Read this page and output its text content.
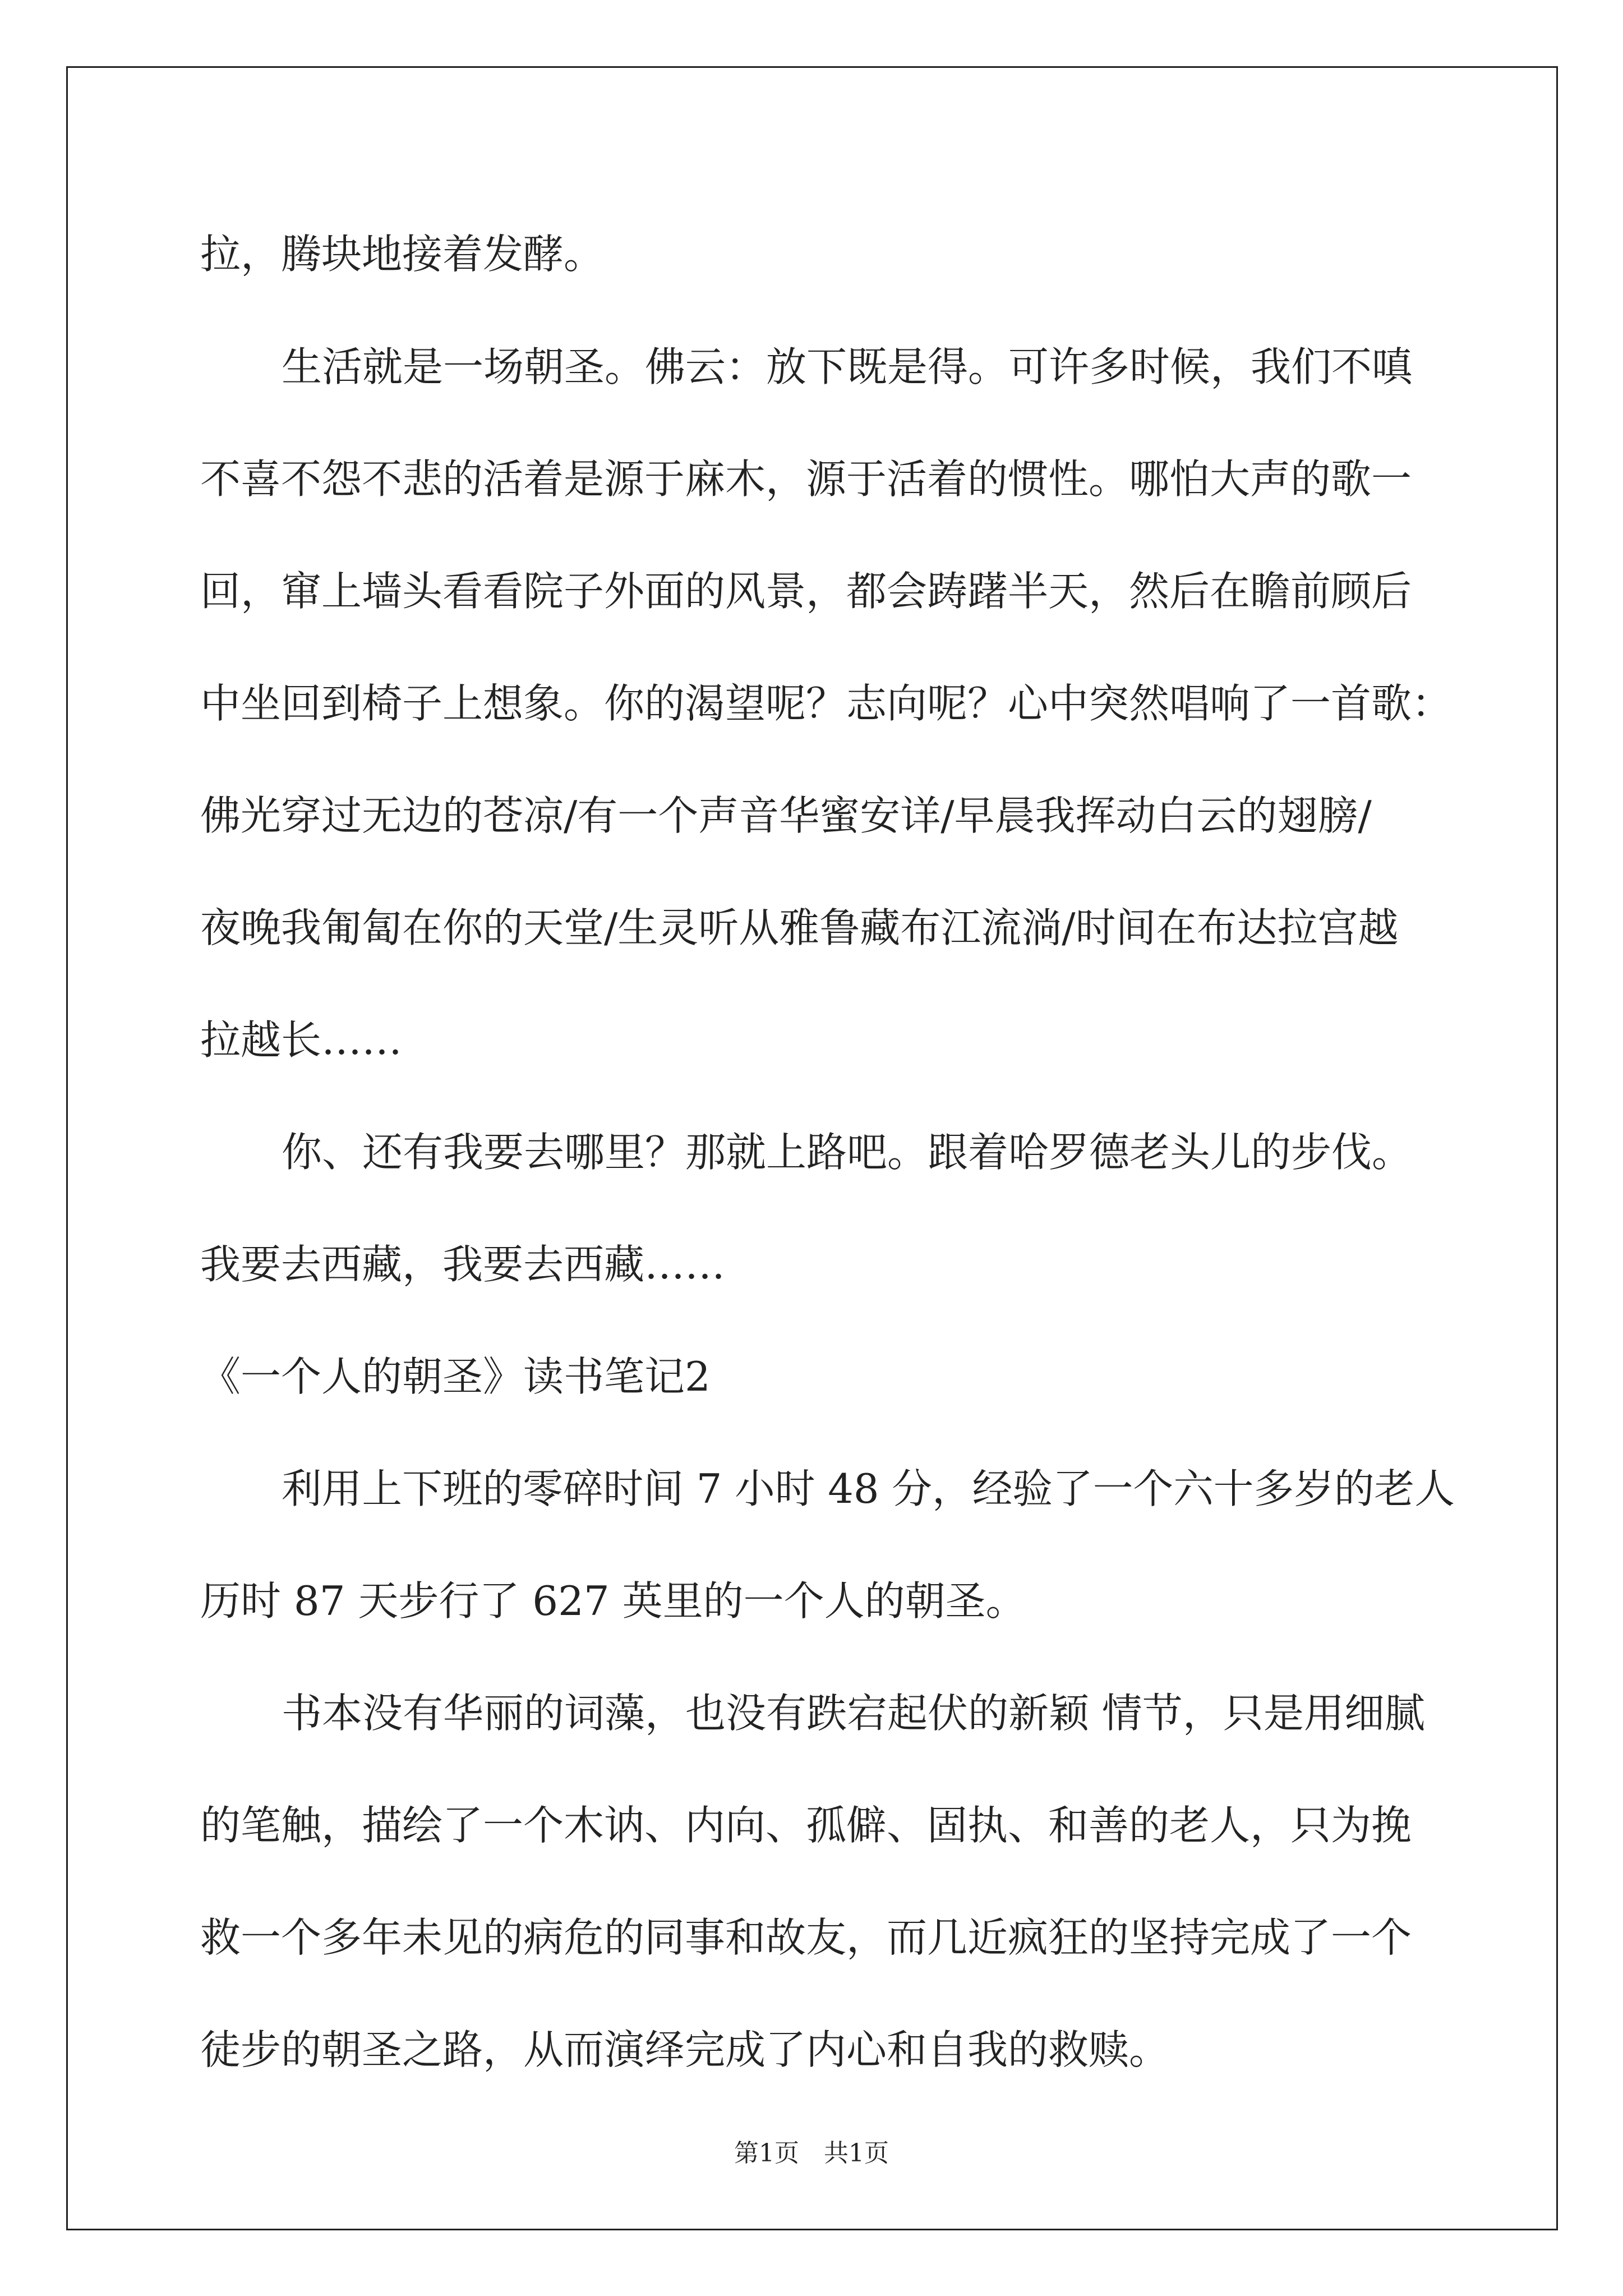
拉，腾块地接着发酵。
生活就是一场朝圣。佛云：放下既是得。可许多时候，我们不嗔
不喜不怨不悲的活着是源于麻木，源于活着的惯性。哪怕大声的歌一
回，窜上墙头看看院子外面的风景，都会踌躇半天，然后在瞻前顾后
中坐回到椅子上想象。你的渴望呢？志向呢？心中突然唱响了一首歌：
佛光穿过无边的苍凉/有一个声音华蜜安详/早晨我挥动白云的翅膀/
夜晚我匍匐在你的天堂/生灵听从雅鲁藏布江流淌/时间在布达拉宫越
拉越长……
你、还有我要去哪里？那就上路吧。跟着哈罗德老头儿的步伐。
我要去西藏，我要去西藏……
《一个人的朝圣》读书笔记2
利用上下班的零碎时间 7 小时 48 分，经验了一个六十多岁的老人
历时 87 天步行了 627 英里的一个人的朝圣。
书本没有华丽的词藻，也没有跌宕起伏的新颖 情节，只是用细腻
的笔触，描绘了一个木讷、内向、孤僻、固执、和善的老人，只为挽
救一个多年未见的病危的同事和故友，而几近疯狂的坚持完成了一个
徒步的朝圣之路，从而演绎完成了内心和自我的救赎。
第1页　共1页
